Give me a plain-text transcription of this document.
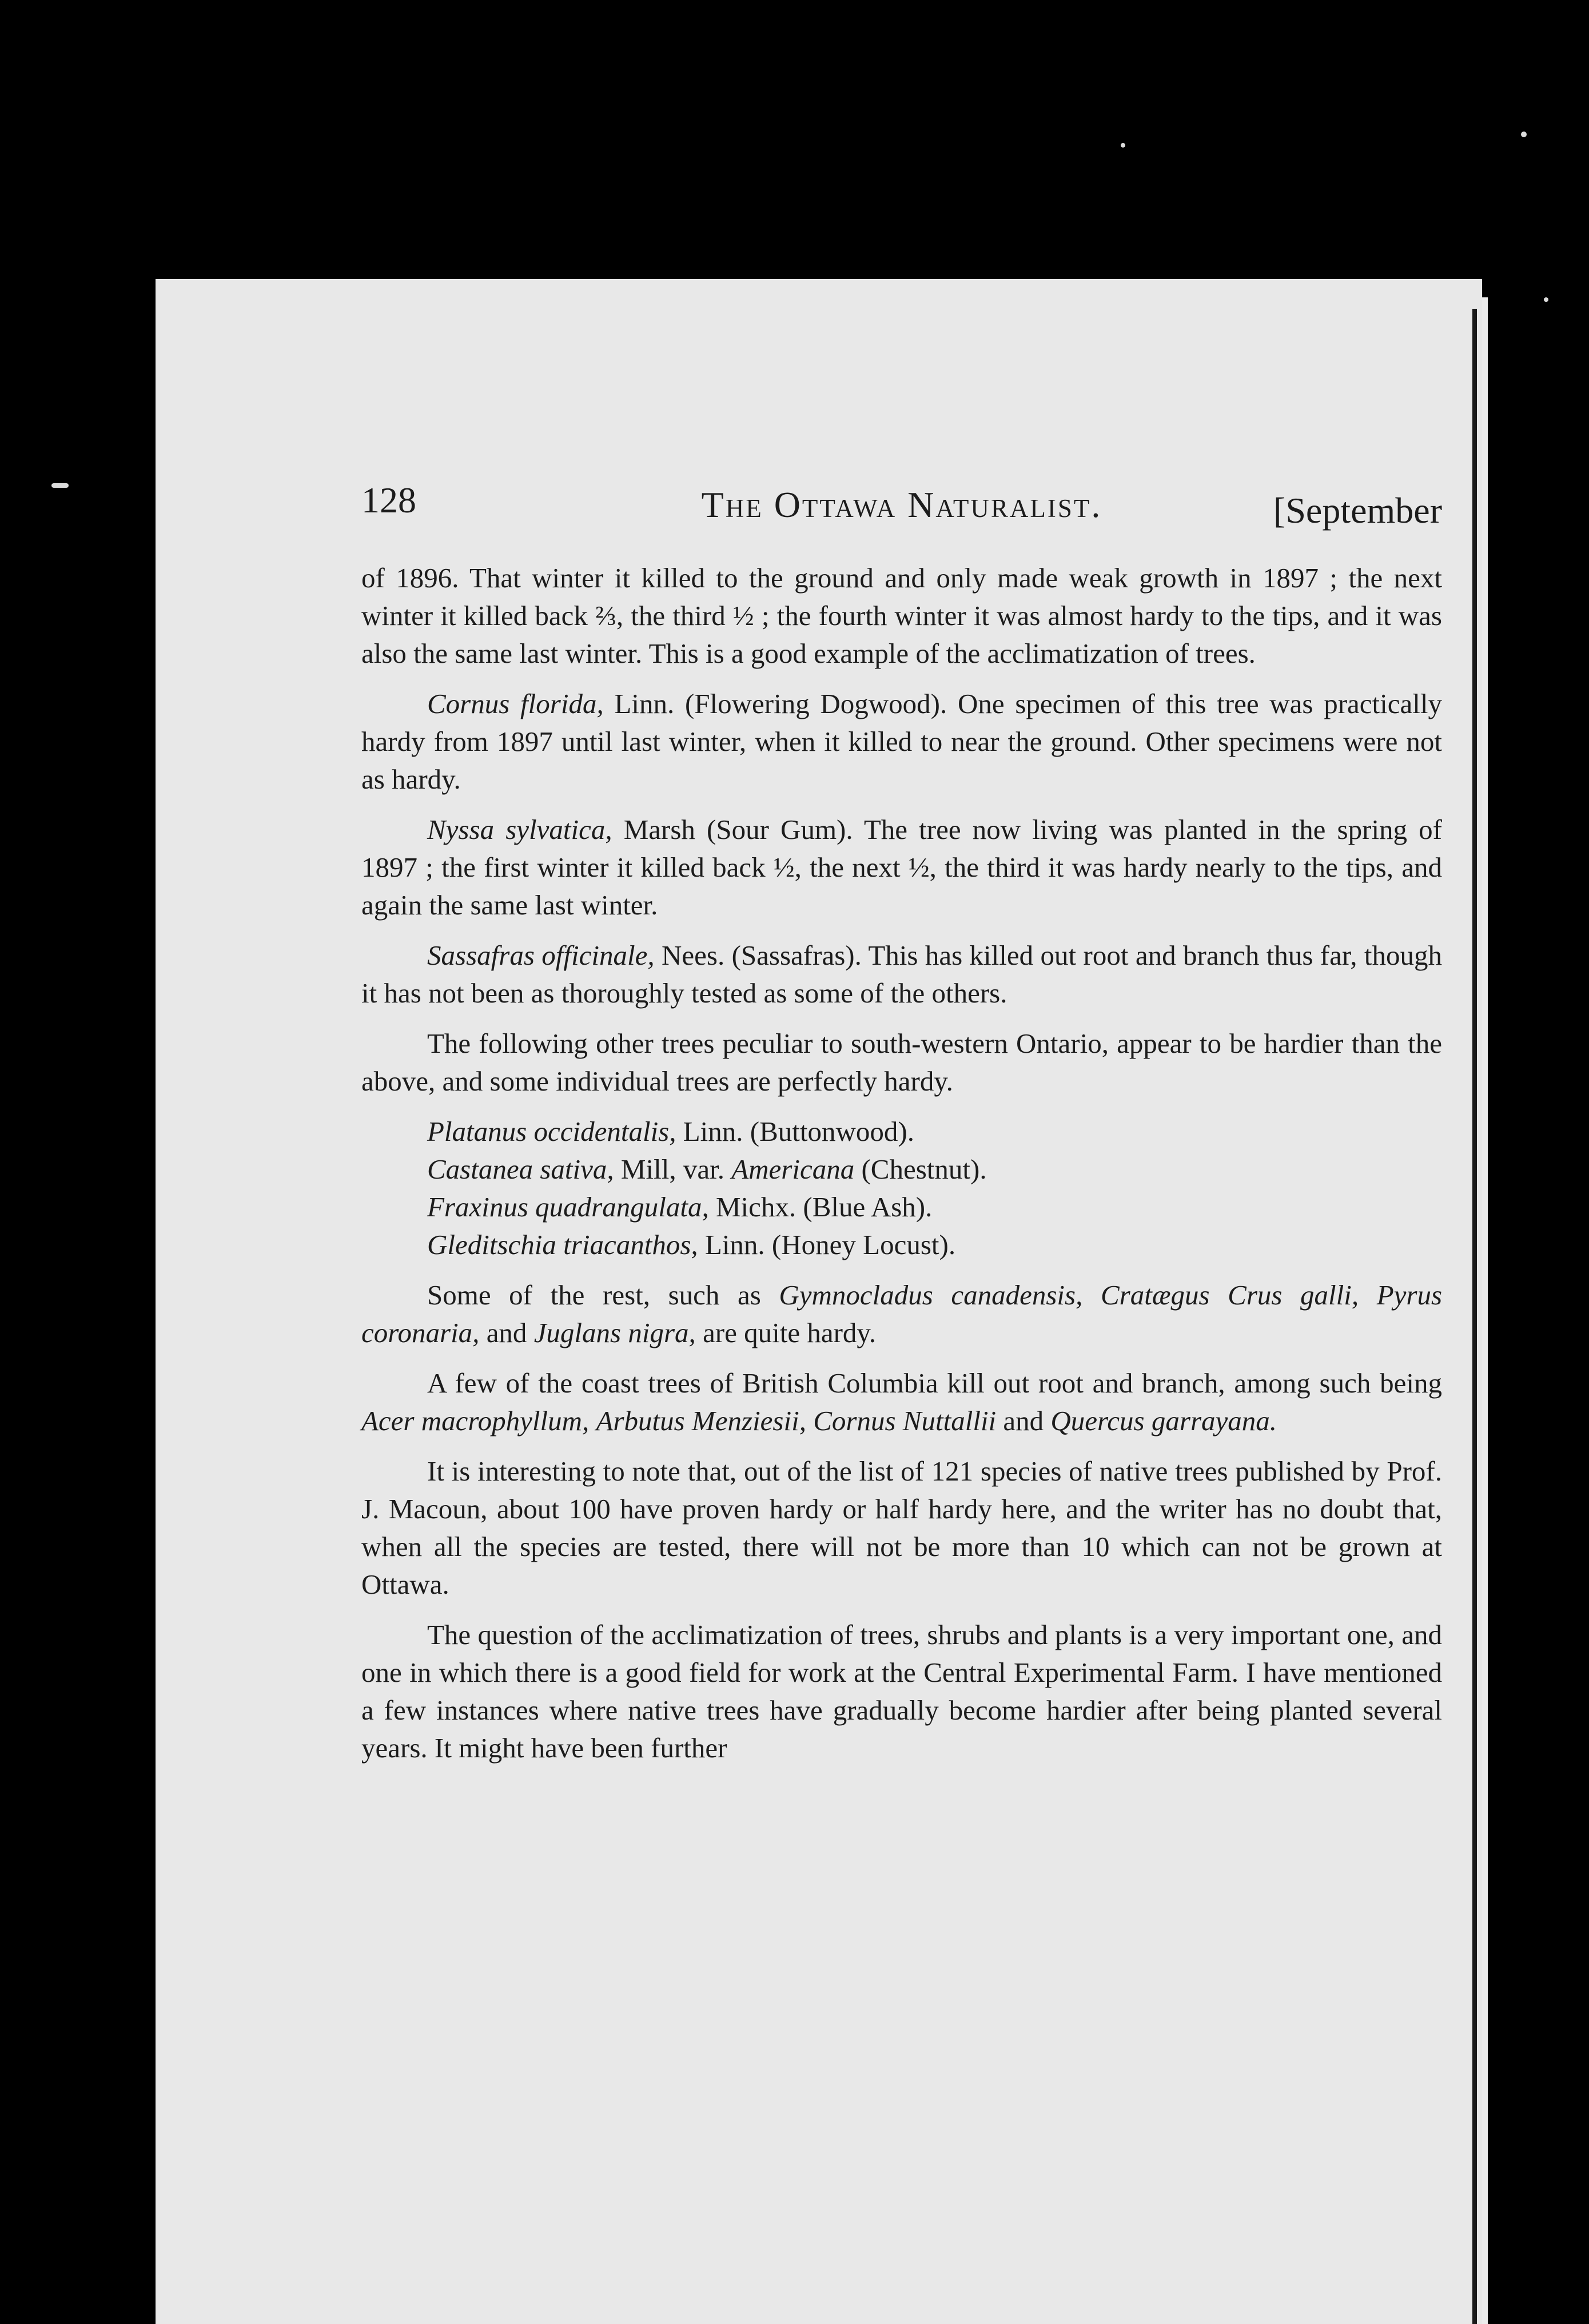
128	The Ottawa Naturalist.	[September

of 1896. That winter it killed to the ground and only made weak growth in 1897 ; the next winter it killed back ⅔, the third ½ ; the fourth winter it was almost hardy to the tips, and it was also the same last winter. This is a good example of the acclimatization of trees.

Cornus florida, Linn. (Flowering Dogwood). One specimen of this tree was practically hardy from 1897 until last winter, when it killed to near the ground. Other specimens were not as hardy.

Nyssa sylvatica, Marsh (Sour Gum). The tree now living was planted in the spring of 1897 ; the first winter it killed back ½, the next ½, the third it was hardy nearly to the tips, and again the same last winter.

Sassafras officinale, Nees. (Sassafras). This has killed out root and branch thus far, though it has not been as thoroughly tested as some of the others.

The following other trees peculiar to south-western Ontario, appear to be hardier than the above, and some individual trees are perfectly hardy.

Platanus occidentalis, Linn. (Buttonwood).

Castanea sativa, Mill, var. Americana (Chestnut).

Fraxinus quadrangulata, Michx. (Blue Ash).

Gleditschia triacanthos, Linn. (Honey Locust).

Some of the rest, such as Gymnocladus canadensis, Cratægus Crus galli, Pyrus coronaria, and Juglans nigra, are quite hardy.

A few of the coast trees of British Columbia kill out root and branch, among such being Acer macrophyllum, Arbutus Menziesii, Cornus Nuttallii and Quercus garrayana.

It is interesting to note that, out of the list of 121 species of native trees published by Prof. J. Macoun, about 100 have proven hardy or half hardy here, and the writer has no doubt that, when all the species are tested, there will not be more than 10 which can not be grown at Ottawa.

The question of the acclimatization of trees, shrubs and plants is a very important one, and one in which there is a good field for work at the Central Experimental Farm. I have mentioned a few instances where native trees have gradually become hardier after being planted several years. It might have been further
